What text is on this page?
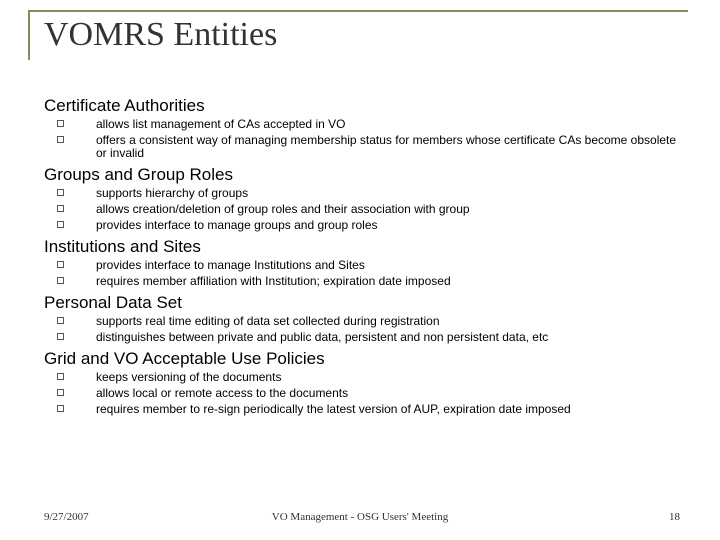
VOMRS Entities
Certificate Authorities
allows list management of CAs accepted in VO
offers a consistent way of managing membership status for members whose certificate CAs become obsolete or invalid
Groups and Group Roles
supports hierarchy of groups
allows creation/deletion of group roles and their association with group
provides interface to manage groups and group roles
Institutions and Sites
provides interface to manage Institutions and Sites
requires member affiliation with Institution; expiration date imposed
Personal Data Set
supports real time editing of data set collected during registration
distinguishes between private and public data, persistent and non persistent data, etc
Grid and VO Acceptable Use Policies
keeps versioning of the documents
allows local or remote access to the documents
requires member to re-sign periodically the latest version of AUP, expiration date imposed
9/27/2007	VO Management - OSG Users' Meeting	18
